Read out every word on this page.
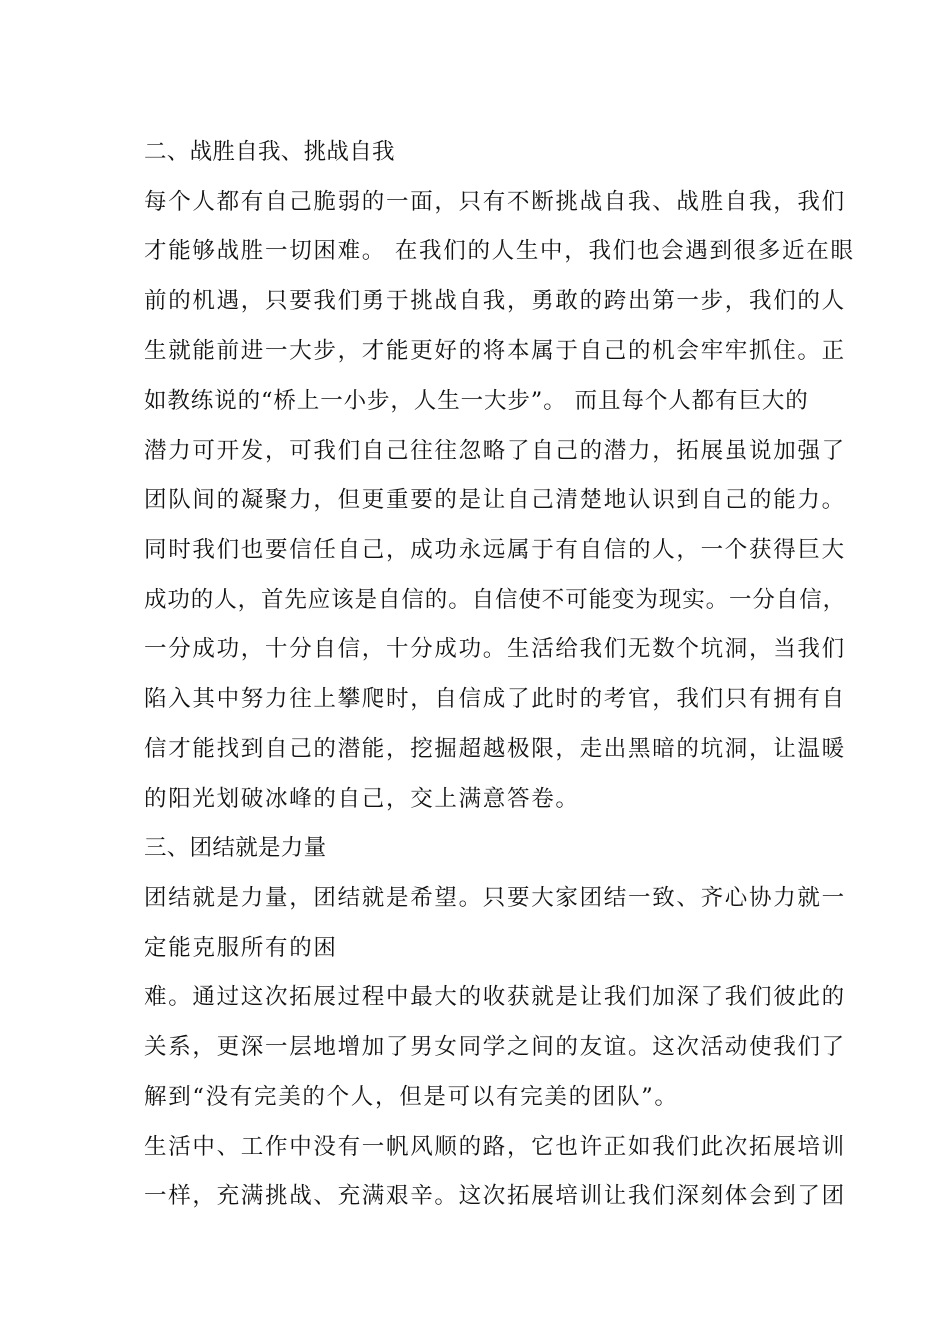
二、战胜自我、挑战自我
每个人都有自己脆弱的一面，只有不断挑战自我、战胜自我，我们
才能够战胜一切困难。 在我们的人生中，我们也会遇到很多近在眼
前的机遇，只要我们勇于挑战自我，勇敢的跨出第一步，我们的人
生就能前进一大步，才能更好的将本属于自己的机会牢牢抓住。正
如教练说的“桥上一小步，人生一大步”。 而且每个人都有巨大的
潜力可开发，可我们自己往往忽略了自己的潜力，拓展虽说加强了
团队间的凝聚力，但更重要的是让自己清楚地认识到自己的能力。
同时我们也要信任自己，成功永远属于有自信的人，一个获得巨大
成功的人，首先应该是自信的。自信使不可能变为现实。一分自信，
一分成功，十分自信，十分成功。生活给我们无数个坑洞，当我们
陷入其中努力往上攀爬时，自信成了此时的考官，我们只有拥有自
信才能找到自己的潜能，挖掘超越极限，走出黑暗的坑洞，让温暖
的阳光划破冰峰的自己，交上满意答卷。
三、团结就是力量
团结就是力量，团结就是希望。只要大家团结一致、齐心协力就一
定能克服所有的困
难。通过这次拓展过程中最大的收获就是让我们加深了我们彼此的
关系，更深一层地增加了男女同学之间的友谊。这次活动使我们了
解到“没有完美的个人，但是可以有完美的团队”。
生活中、工作中没有一帆风顺的路，它也许正如我们此次拓展培训
一样，充满挑战、充满艰辛。这次拓展培训让我们深刻体会到了团
